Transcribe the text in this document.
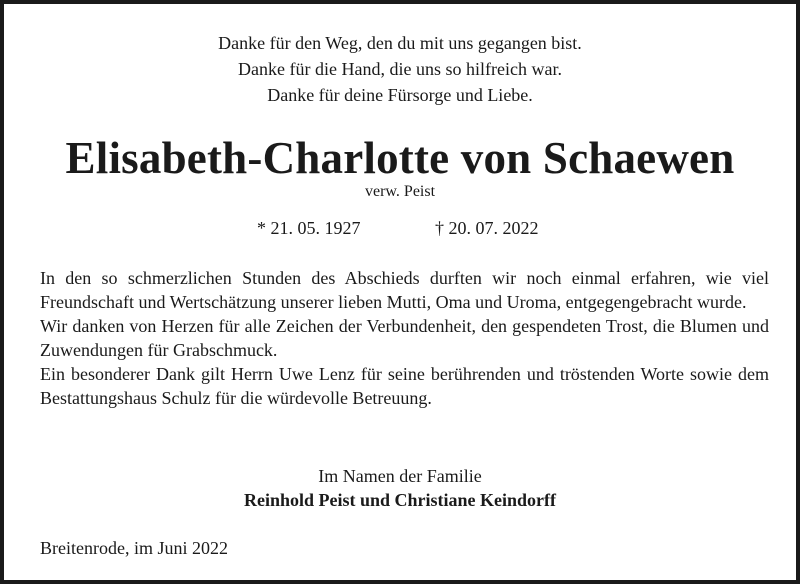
Danke für den Weg, den du mit uns gegangen bist.
Danke für die Hand, die uns so hilfreich war.
Danke für deine Fürsorge und Liebe.
Elisabeth-Charlotte von Schaewen
verw. Peist
* 21. 05. 1927	† 20. 07. 2022

In den so schmerzlichen Stunden des Abschieds durften wir noch einmal erfahren, wie viel Freundschaft und Wertschätzung unserer lieben Mutti, Oma und Uroma, entgegengebracht wurde.

Wir danken von Herzen für alle Zeichen der Verbundenheit, den gespendeten Trost, die Blumen und Zuwendungen für Grabschmuck.

Ein besonderer Dank gilt Herrn Uwe Lenz für seine berührenden und tröstenden Worte sowie dem Bestattungshaus Schulz für die würdevolle Betreuung.

Im Namen der Familie
Reinhold Peist und Christiane Keindorff
Breitenrode, im Juni 2022
